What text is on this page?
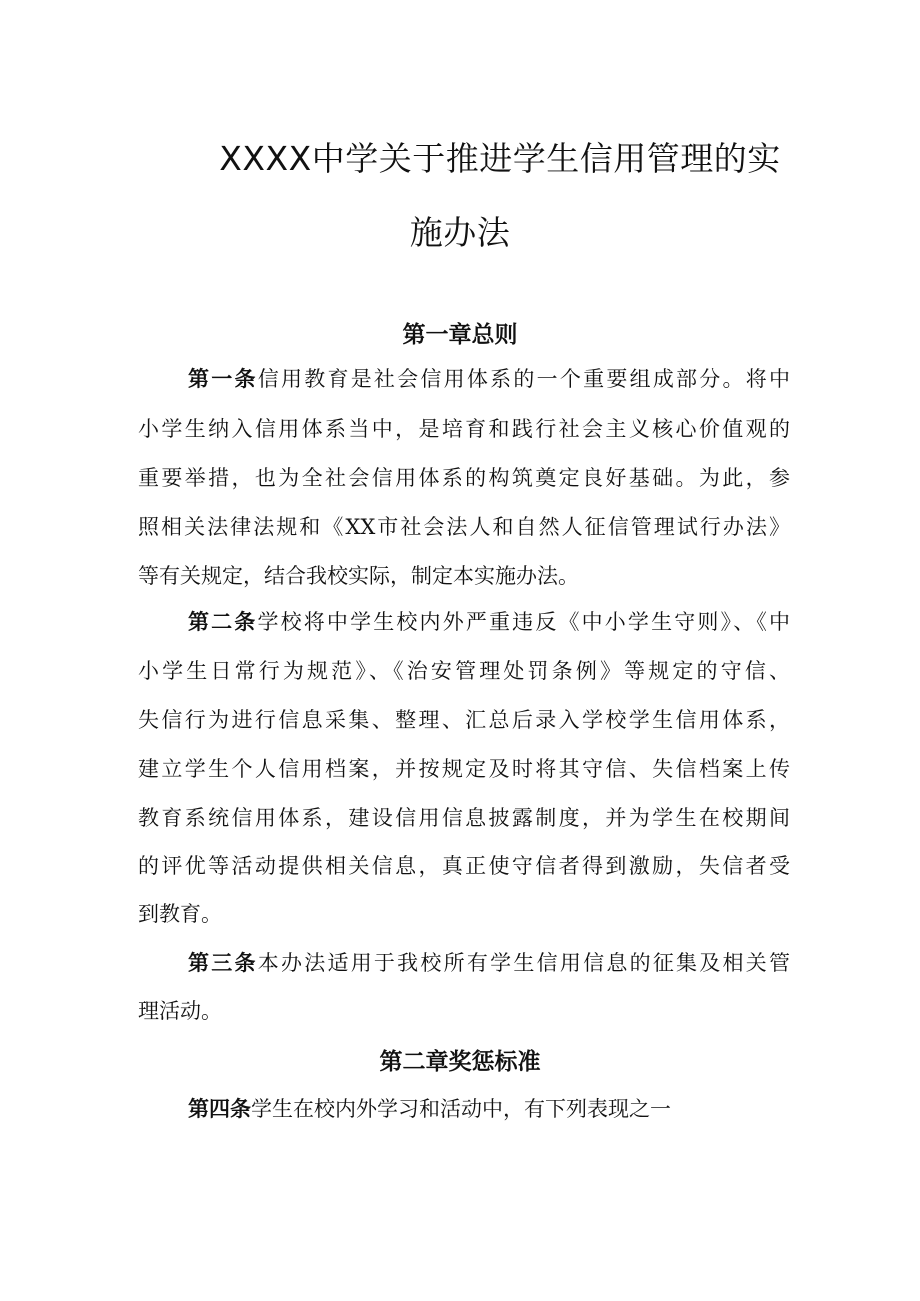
XXXX中学关于推进学生信用管理的实
施办法
第一章总则
第一条信用教育是社会信用体系的一个重要组成部分。将中
小学生纳入信用体系当中，是培育和践行社会主义核心价值观的
重要举措，也为全社会信用体系的构筑奠定良好基础。为此，参
照相关法律法规和《XX市社会法人和自然人征信管理试行办法》
等有关规定，结合我校实际，制定本实施办法。
第二条学校将中学生校内外严重违反《中小学生守则》、《中
小学生日常行为规范》、《治安管理处罚条例》等规定的守信、
失信行为进行信息采集、整理、汇总后录入学校学生信用体系，
建立学生个人信用档案，并按规定及时将其守信、失信档案上传
教育系统信用体系，建设信用信息披露制度，并为学生在校期间
的评优等活动提供相关信息，真正使守信者得到激励，失信者受
到教育。
第三条本办法适用于我校所有学生信用信息的征集及相关管
理活动。
第二章奖惩标准
第四条学生在校内外学习和活动中，有下列表现之一
